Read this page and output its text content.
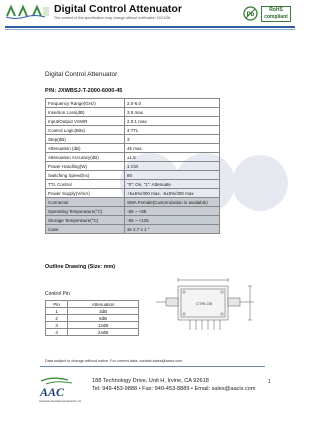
Digital Control Attenuator
The content of this specification may change without notification 11/01/08	Pb
RoHS
compliant
Digital Control Attenuator
P/N: JXWBSJ-T-2000-6000-45
Frequency Range(GHz)	2.0-6.0
Insertion Loss(dB)	3.5 max
Input/Output VSWR	2.0:1 max
Control Logic(Bits)	4 TTL
Step(dB)	3
Attenuation (dB)	45 max
Attenuation Accuracy(dB)	±1.5
Power Handling(W)	1 CW
Switching Speed(ns)	80
TTL Control	"0": On, "1": Attenuate
Power Supply(V/mA)	+5±5%/300 max, -5±5%/300 max
Connector	SMA Female(Customization is available)
Operating Temperature(°C)	-55 ~ +85
Storage Temperature(°C)	-55 ~ +125
Case	3x 2.7 x 1 "
Outline Drawing (Size: mm)
Control Pin
Pin	Attenuation
1	3dB
2	6dB
3	12dB
4	24dB
CTRLOB
Data subject to change without notice. For current data, contact sales@aacix.com
AAC
American Accurate Components, Inc.
188 Technology Drive, Unit H, Irvine, CA 92618
Tel: 949-453-9888 • Fax: 949-453-8889 • Email: sales@aacix.com
1
